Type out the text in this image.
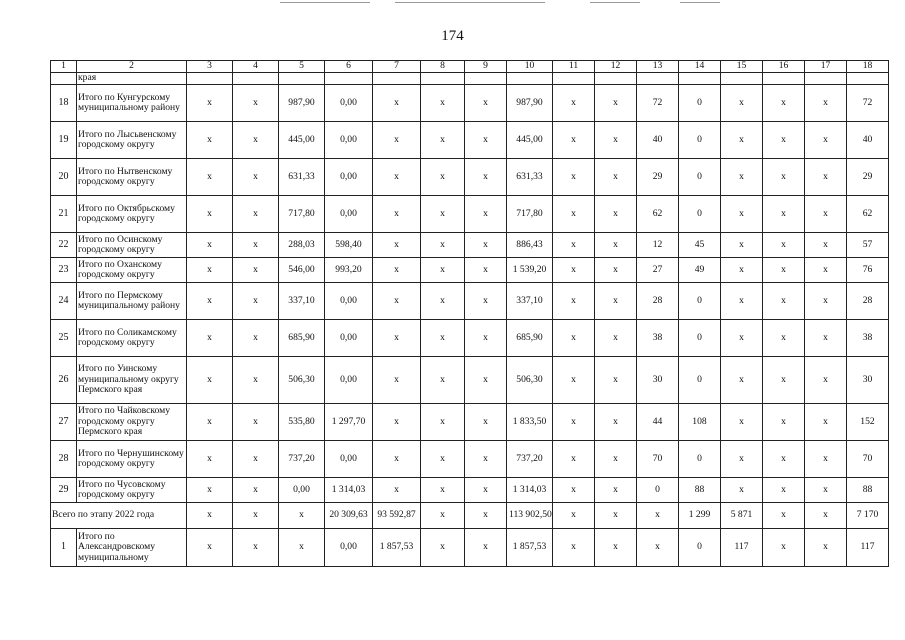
174
1	2	3	4	5	6	7	8	9	10	11	12	13	14	15	16	17	18
	края																
18	Итого по Кунгурскому муниципальному району	х	х	987,90	0,00	х	х	х	987,90	х	х	72	0	х	х	х	72
19	Итого по Лысьвенскому городскому округу	х	х	445,00	0,00	х	х	х	445,00	х	х	40	0	х	х	х	40
20	Итого по Нытвенскому городскому округу	х	х	631,33	0,00	х	х	х	631,33	х	х	29	0	х	х	х	29
21	Итого по Октябрьскому городскому округу	х	х	717,80	0,00	х	х	х	717,80	х	х	62	0	х	х	х	62
22	Итого по Осинскому городскому округу	х	х	288,03	598,40	х	х	х	886,43	х	х	12	45	х	х	х	57
23	Итого по Оханскому городскому округу	х	х	546,00	993,20	х	х	х	1 539,20	х	х	27	49	х	х	х	76
24	Итого по Пермскому муниципальному району	х	х	337,10	0,00	х	х	х	337,10	х	х	28	0	х	х	х	28
25	Итого по Соликамскому городскому округу	х	х	685,90	0,00	х	х	х	685,90	х	х	38	0	х	х	х	38
26	Итого по Уинскому муниципальному округу Пермского края	х	х	506,30	0,00	х	х	х	506,30	х	х	30	0	х	х	х	30
27	Итого по Чайковскому городскому округу Пермского края	х	х	535,80	1 297,70	х	х	х	1 833,50	х	х	44	108	х	х	х	152
28	Итого по Чернушинскому городскому округу	х	х	737,20	0,00	х	х	х	737,20	х	х	70	0	х	х	х	70
29	Итого по Чусовскому городскому округу	х	х	0,00	1 314,03	х	х	х	1 314,03	х	х	0	88	х	х	х	88
Всего по этапу 2022 года		х	х	х	20 309,63	93 592,87	х	х	113 902,50	х	х	х	1 299	5 871	х	х	7 170
1	Итого по Александровскому муниципальному	х	х	х	0,00	1 857,53	х	х	1 857,53	х	х	х	0	117	х	х	117
